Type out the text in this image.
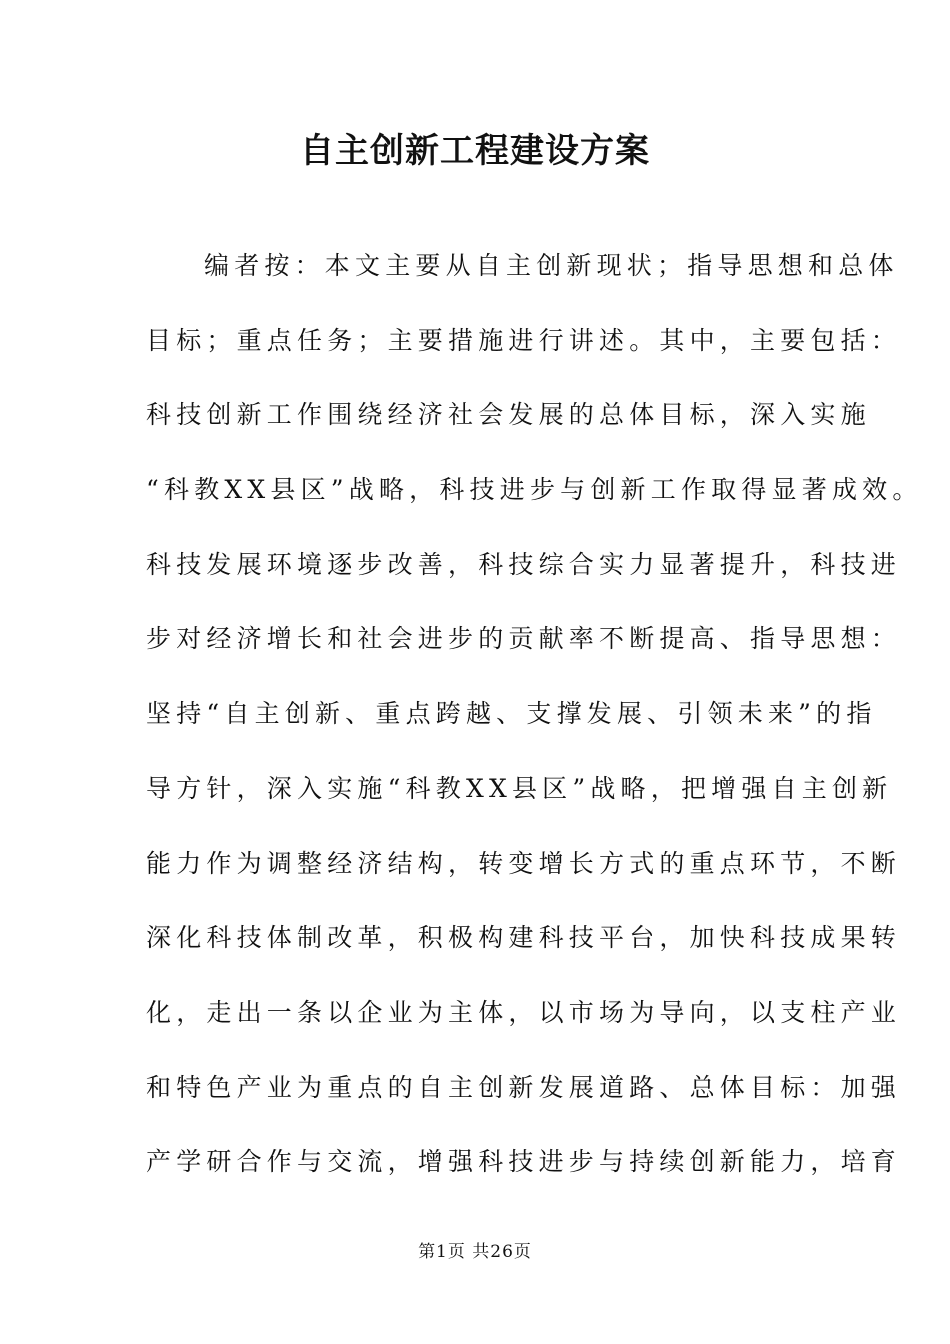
自主创新工程建设方案
编者按：本文主要从自主创新现状；指导思想和总体
目标；重点任务；主要措施进行讲述。其中，主要包括：
科技创新工作围绕经济社会发展的总体目标，深入实施
“科教XX县区”战略，科技进步与创新工作取得显著成效。
科技发展环境逐步改善，科技综合实力显著提升，科技进
步对经济增长和社会进步的贡献率不断提高、指导思想：
坚持“自主创新、重点跨越、支撑发展、引领未来”的指
导方针，深入实施“科教XX县区”战略，把增强自主创新
能力作为调整经济结构，转变增长方式的重点环节，不断
深化科技体制改革，积极构建科技平台，加快科技成果转
化，走出一条以企业为主体，以市场为导向，以支柱产业
和特色产业为重点的自主创新发展道路、总体目标：加强
产学研合作与交流，增强科技进步与持续创新能力，培育
第1页 共26页
